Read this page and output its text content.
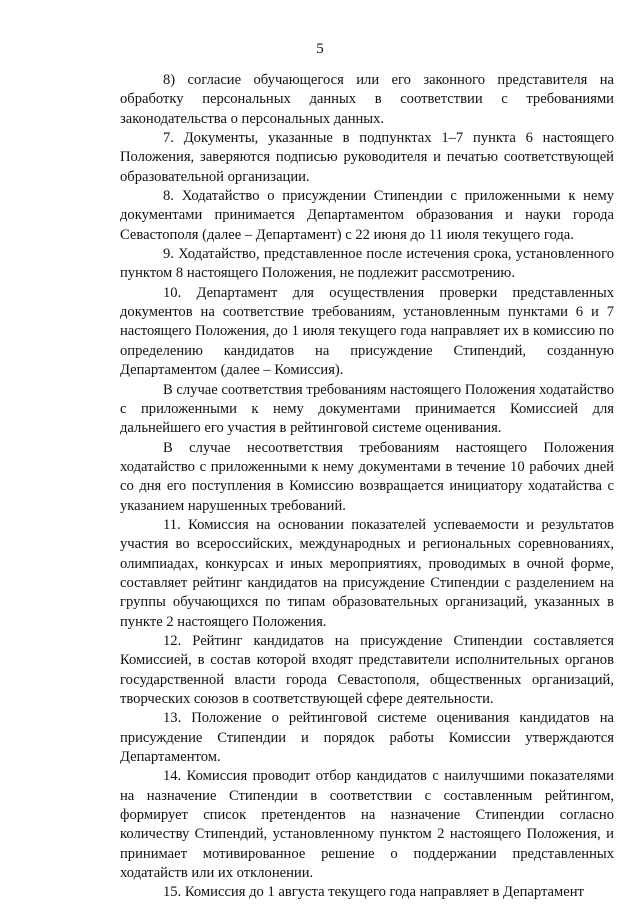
5

8) согласие обучающегося или его законного представителя на обработку персональных данных в соответствии с требованиями законодательства о персональных данных.

7. Документы, указанные в подпунктах 1–7 пункта 6 настоящего Положения, заверяются подписью руководителя и печатью соответствующей образовательной организации.

8. Ходатайство о присуждении Стипендии с приложенными к нему документами принимается Департаментом образования и науки города Севастополя (далее – Департамент) с 22 июня до 11 июля текущего года.

9. Ходатайство, представленное после истечения срока, установленного пунктом 8 настоящего Положения, не подлежит рассмотрению.

10. Департамент для осуществления проверки представленных документов на соответствие требованиям, установленным пунктами 6 и 7 настоящего Положения, до 1 июля текущего года направляет их в комиссию по определению кандидатов на присуждение Стипендий, созданную Департаментом (далее – Комиссия).

В случае соответствия требованиям настоящего Положения ходатайство с приложенными к нему документами принимается Комиссией для дальнейшего его участия в рейтинговой системе оценивания.

В случае несоответствия требованиям настоящего Положения ходатайство с приложенными к нему документами в течение 10 рабочих дней со дня его поступления в Комиссию возвращается инициатору ходатайства с указанием нарушенных требований.

11. Комиссия на основании показателей успеваемости и результатов участия во всероссийских, международных и региональных соревнованиях, олимпиадах, конкурсах и иных мероприятиях, проводимых в очной форме, составляет рейтинг кандидатов на присуждение Стипендии с разделением на группы обучающихся по типам образовательных организаций, указанных в пункте 2 настоящего Положения.

12. Рейтинг кандидатов на присуждение Стипендии составляется Комиссией, в состав которой входят представители исполнительных органов государственной власти города Севастополя, общественных организаций, творческих союзов в соответствующей сфере деятельности.

13. Положение о рейтинговой системе оценивания кандидатов на присуждение Стипендии и порядок работы Комиссии утверждаются Департаментом.

14. Комиссия проводит отбор кандидатов с наилучшими показателями на назначение Стипендии в соответствии с составленным рейтингом, формирует список претендентов на назначение Стипендии согласно количеству Стипендий, установленному пунктом 2 настоящего Положения, и принимает мотивированное решение о поддержании представленных ходатайств или их отклонении.

15. Комиссия до 1 августа текущего года направляет в Департамент
